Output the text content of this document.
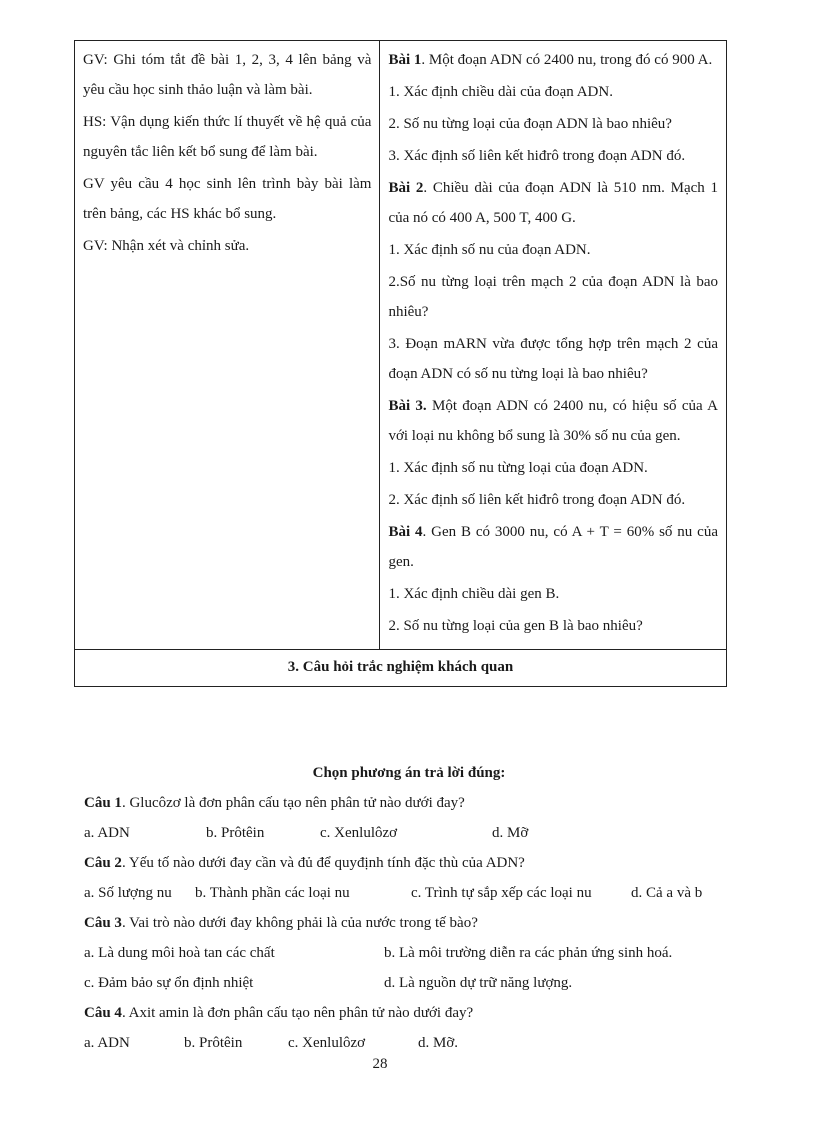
GV: Ghi tóm tắt đề bài 1, 2, 3, 4 lên bảng và yêu cầu học sinh thảo luận và làm bài.

HS: Vận dụng kiến thức lí thuyết về hệ quả của nguyên tắc liên kết bổ sung để làm bài.

GV yêu cầu 4 học sinh lên trình bày bài làm trên bảng, các HS khác bổ sung.

GV: Nhận xét và chỉnh sửa.

Bài 1. Một đoạn ADN có 2400 nu, trong đó có 900 A.

1. Xác định chiều dài của đoạn ADN.

2. Số nu từng loại của đoạn ADN là bao nhiêu?

3. Xác định số liên kết hiđrô trong đoạn ADN đó.

Bài 2. Chiều dài của đoạn ADN là 510 nm. Mạch 1 của nó có 400 A, 500 T, 400 G.

1. Xác định số nu của đoạn ADN.

2.Số nu từng loại trên mạch 2 của đoạn ADN là bao nhiêu?

3. Đoạn mARN vừa được tổng hợp trên mạch 2 của đoạn ADN có số nu từng loại là bao nhiêu?

Bài 3. Một đoạn ADN có 2400 nu, có hiệu số của A với loại nu không bổ sung là 30% số nu của gen.

1. Xác định số nu từng loại của đoạn ADN.

2. Xác định số liên kết hiđrô trong đoạn ADN đó.

Bài 4. Gen B có 3000 nu, có A + T = 60% số nu của gen.

1. Xác định chiều dài gen B.

2. Số nu từng loại của gen B là bao nhiêu?

3. Câu hỏi trắc nghiệm khách quan

Chọn phương án trả lời đúng:

Câu 1. Glucôzơ là đơn phân cấu tạo nên phân tử nào dưới đay?

a. ADN	b. Prôtêin	c. Xenlulôzơ	d. Mỡ

Câu 2. Yếu tố nào dưới đay cần và đủ để quyđịnh tính đặc thù của ADN?

a. Số lượng nu	b. Thành phần các loại nu	c. Trình tự sắp xếp các loại nu	d. Cả a và b

Câu 3. Vai trò nào dưới đay không phải là của nước trong tế bào?

a. Là dung môi hoà tan các chất	b. Là môi trường diễn ra các phản ứng sinh hoá.
c. Đảm bảo sự ổn định nhiệt	d. Là nguồn dự trữ năng lượng.

Câu 4. Axit amin là đơn phân cấu tạo nên phân tử nào dưới đay?

a. ADN	b. Prôtêin	c. Xenlulôzơ	d. Mỡ.
28
